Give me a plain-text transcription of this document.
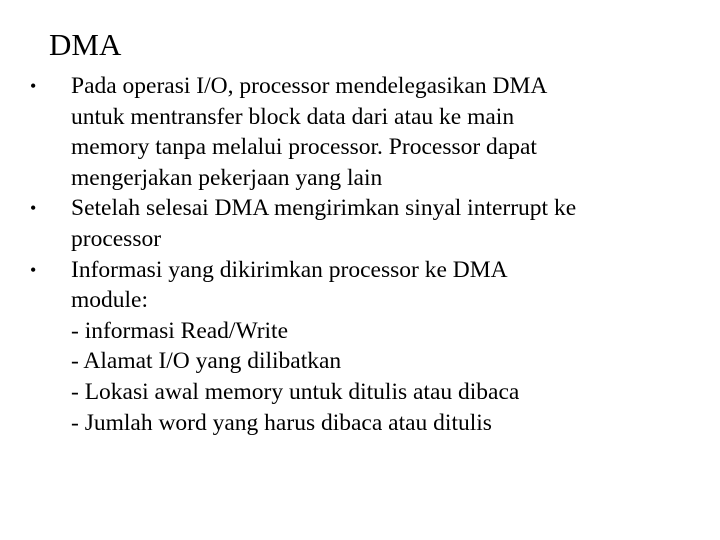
DMA
•	Pada operasi I/O, processor mendelegasikan DMA
untuk mentransfer block data dari atau ke main
memory tanpa melalui processor. Processor dapat
mengerjakan pekerjaan yang lain
•	Setelah selesai DMA mengirimkan sinyal interrupt ke
processor
•	Informasi yang dikirimkan processor ke DMA
module:
- informasi Read/Write
- Alamat I/O yang dilibatkan
- Lokasi awal memory untuk ditulis atau dibaca
- Jumlah word yang harus dibaca atau ditulis
